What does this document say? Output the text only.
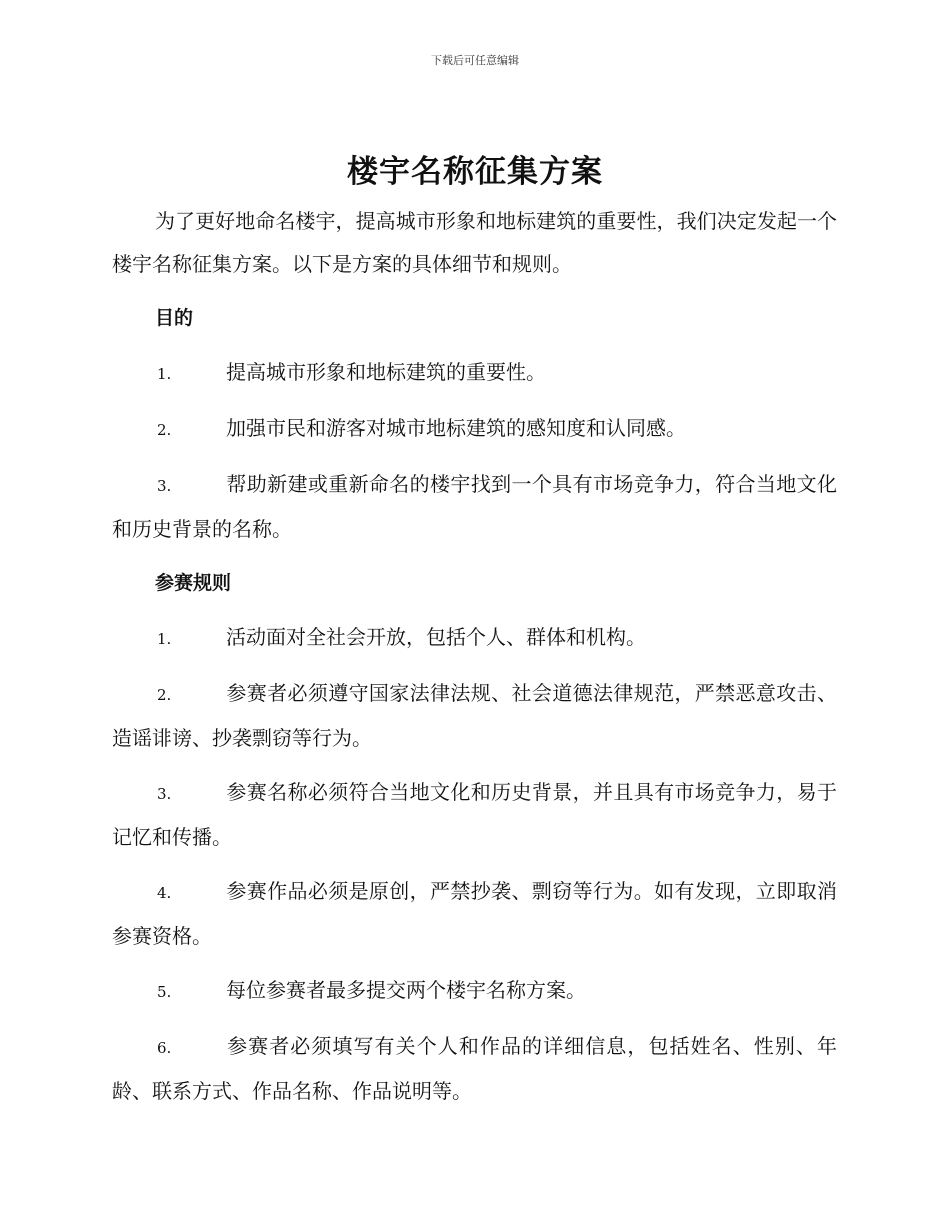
下载后可任意编辑
楼宇名称征集方案

为了更好地命名楼宇，提高城市形象和地标建筑的重要性，我们决定发起一个楼宇名称征集方案。以下是方案的具体细节和规则。

目的

1.	提高城市形象和地标建筑的重要性。

2.	加强市民和游客对城市地标建筑的感知度和认同感。

3.	帮助新建或重新命名的楼宇找到一个具有市场竞争力，符合当地文化和历史背景的名称。

参赛规则

1.	活动面对全社会开放，包括个人、群体和机构。

2.	参赛者必须遵守国家法律法规、社会道德法律规范，严禁恶意攻击、造谣诽谤、抄袭剽窃等行为。

3.	参赛名称必须符合当地文化和历史背景，并且具有市场竞争力，易于记忆和传播。

4.	参赛作品必须是原创，严禁抄袭、剽窃等行为。如有发现，立即取消参赛资格。

5.	每位参赛者最多提交两个楼宇名称方案。

6.	参赛者必须填写有关个人和作品的详细信息，包括姓名、性别、年龄、联系方式、作品名称、作品说明等。
